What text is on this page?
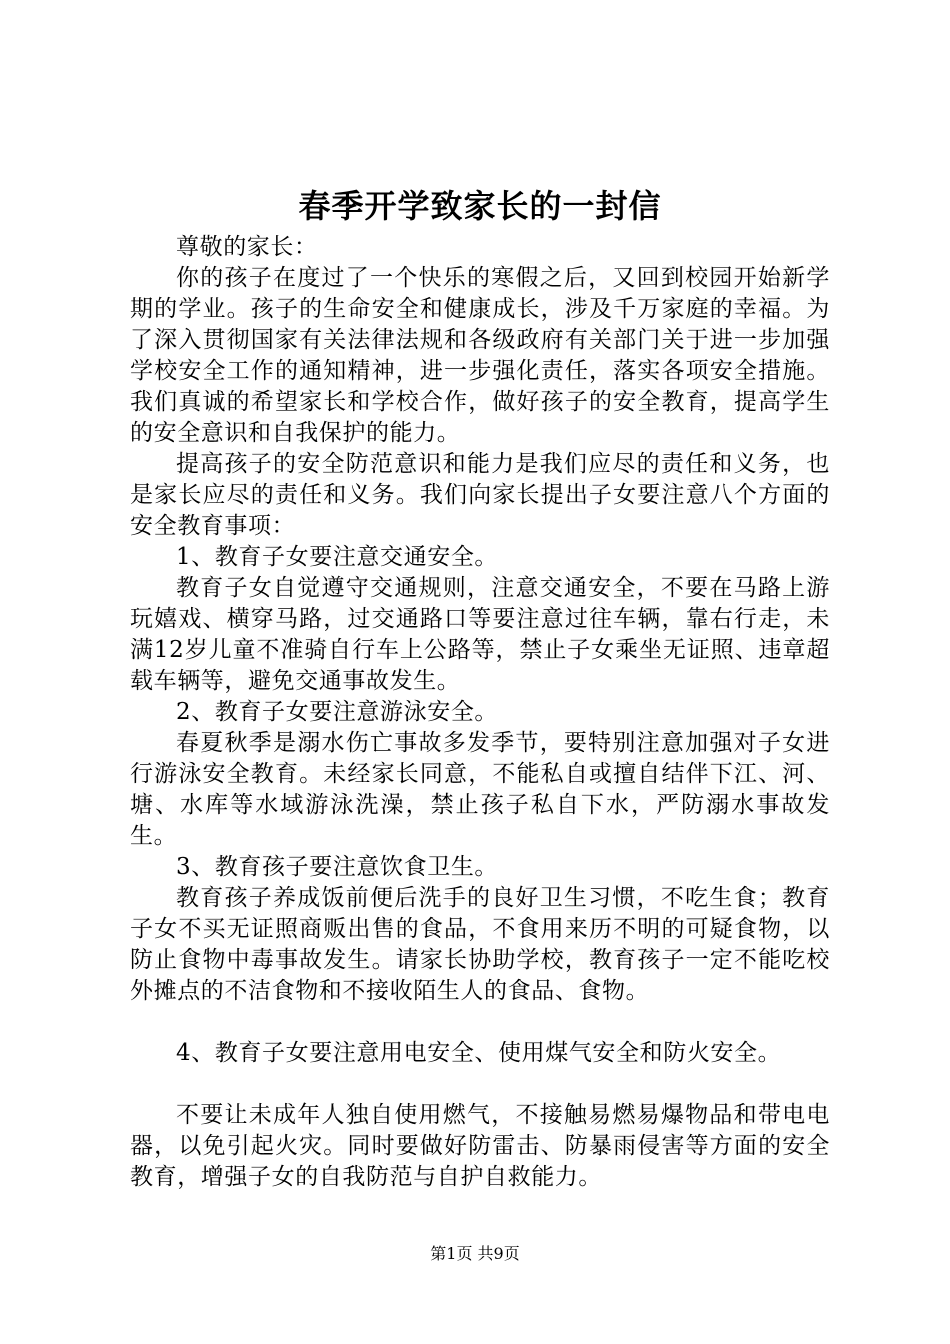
春季开学致家长的一封信

尊敬的家长：

你的孩子在度过了一个快乐的寒假之后，又回到校园开始新学期的学业。孩子的生命安全和健康成长，涉及千万家庭的幸福。为了深入贯彻国家有关法律法规和各级政府有关部门关于进一步加强学校安全工作的通知精神，进一步强化责任，落实各项安全措施。我们真诚的希望家长和学校合作，做好孩子的安全教育，提高学生的安全意识和自我保护的能力。

提高孩子的安全防范意识和能力是我们应尽的责任和义务，也是家长应尽的责任和义务。我们向家长提出子女要注意八个方面的安全教育事项：

1、教育子女要注意交通安全。

教育子女自觉遵守交通规则，注意交通安全，不要在马路上游玩嬉戏、横穿马路，过交通路口等要注意过往车辆，靠右行走，未满12岁儿童不准骑自行车上公路等，禁止子女乘坐无证照、违章超载车辆等，避免交通事故发生。

2、教育子女要注意游泳安全。

春夏秋季是溺水伤亡事故多发季节，要特别注意加强对子女进行游泳安全教育。未经家长同意，不能私自或擅自结伴下江、河、塘、水库等水域游泳洗澡，禁止孩子私自下水，严防溺水事故发生。

3、教育孩子要注意饮食卫生。

教育孩子养成饭前便后洗手的良好卫生习惯，不吃生食；教育子女不买无证照商贩出售的食品，不食用来历不明的可疑食物，以防止食物中毒事故发生。请家长协助学校，教育孩子一定不能吃校外摊点的不洁食物和不接收陌生人的食品、食物。

4、教育子女要注意用电安全、使用煤气安全和防火安全。

不要让未成年人独自使用燃气，不接触易燃易爆物品和带电电器，以免引起火灾。同时要做好防雷击、防暴雨侵害等方面的安全教育，增强子女的自我防范与自护自救能力。

第1页 共9页
